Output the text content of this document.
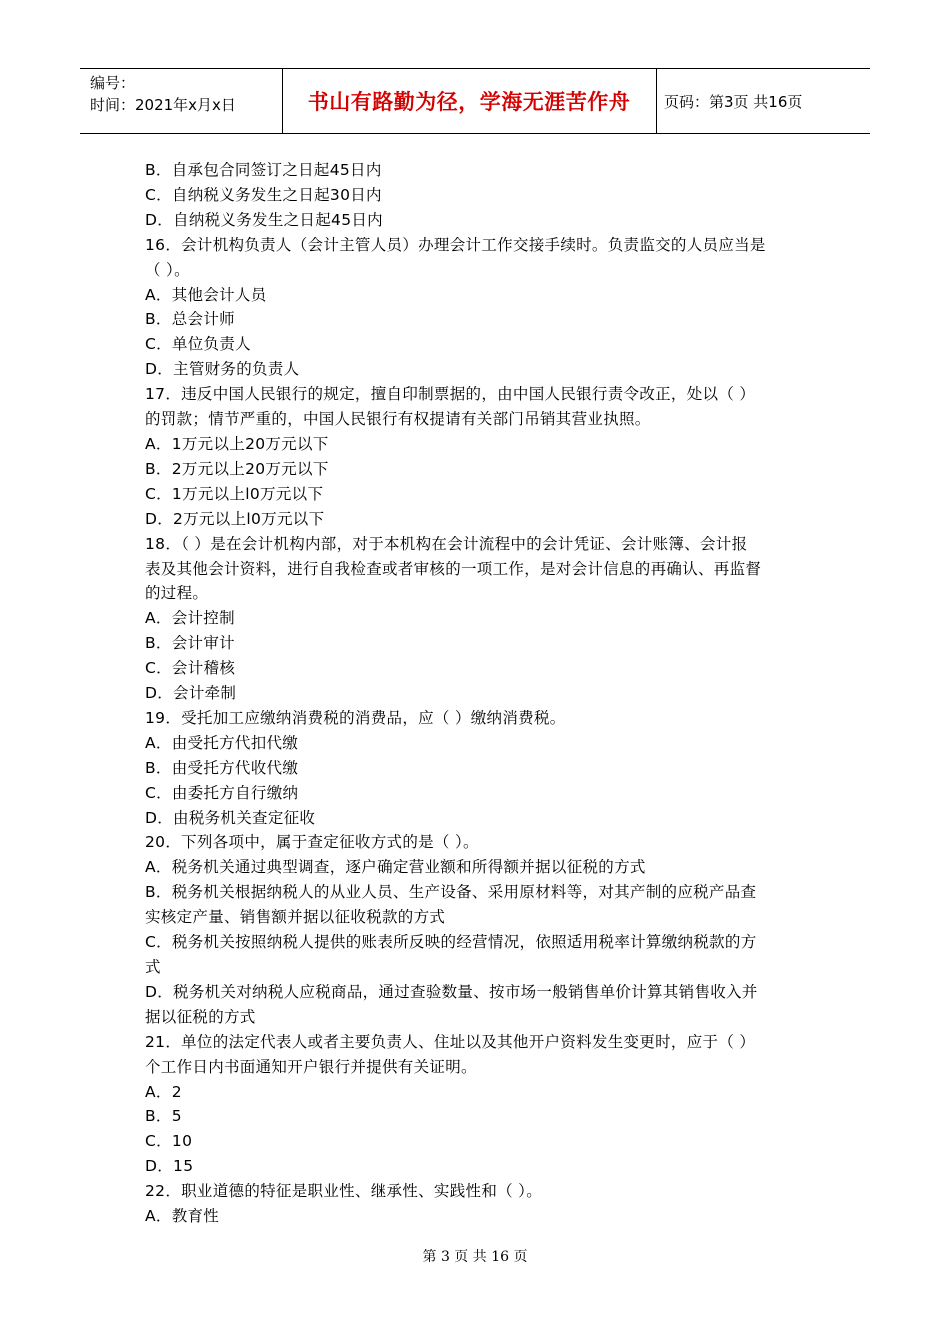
编号：
时间：2021年x月x日	书山有路勤为径，学海无涯苦作舟	页码：第3页 共16页
B．自承包合同签订之日起45日内
C．自纳税义务发生之日起30日内
D．自纳税义务发生之日起45日内
16．会计机构负责人（会计主管人员）办理会计工作交接手续时。负责监交的人员应当是
（ ）。
A．其他会计人员
B．总会计师
C．单位负责人
D．主管财务的负责人
17．违反中国人民银行的规定，擅自印制票据的，由中国人民银行责令改正，处以（ ）
的罚款；情节严重的，中国人民银行有权提请有关部门吊销其营业执照。
A．1万元以上20万元以下
B．2万元以上20万元以下
C．1万元以上l0万元以下
D．2万元以上l0万元以下
18．（ ）是在会计机构内部，对于本机构在会计流程中的会计凭证、会计账簿、会计报
表及其他会计资料，进行自我检查或者审核的一项工作，是对会计信息的再确认、再监督
的过程。
A．会计控制
B．会计审计
C．会计稽核
D．会计牵制
19．受托加工应缴纳消费税的消费品，应（ ）缴纳消费税。
A．由受托方代扣代缴
B．由受托方代收代缴
C．由委托方自行缴纳
D．由税务机关查定征收
20．下列各项中，属于查定征收方式的是（ ）。
A．税务机关通过典型调查，逐户确定营业额和所得额并据以征税的方式
B．税务机关根据纳税人的从业人员、生产设备、采用原材料等，对其产制的应税产品查
实核定产量、销售额并据以征收税款的方式
C．税务机关按照纳税人提供的账表所反映的经营情况，依照适用税率计算缴纳税款的方
式
D．税务机关对纳税人应税商品，通过查验数量、按市场一般销售单价计算其销售收入并
据以征税的方式
21．单位的法定代表人或者主要负责人、住址以及其他开户资料发生变更时，应于（ ）
个工作日内书面通知开户银行并提供有关证明。
A．2
B．5
C．10
D．15
22．职业道德的特征是职业性、继承性、实践性和（ ）。
A．教育性
第 3 页 共 16 页
